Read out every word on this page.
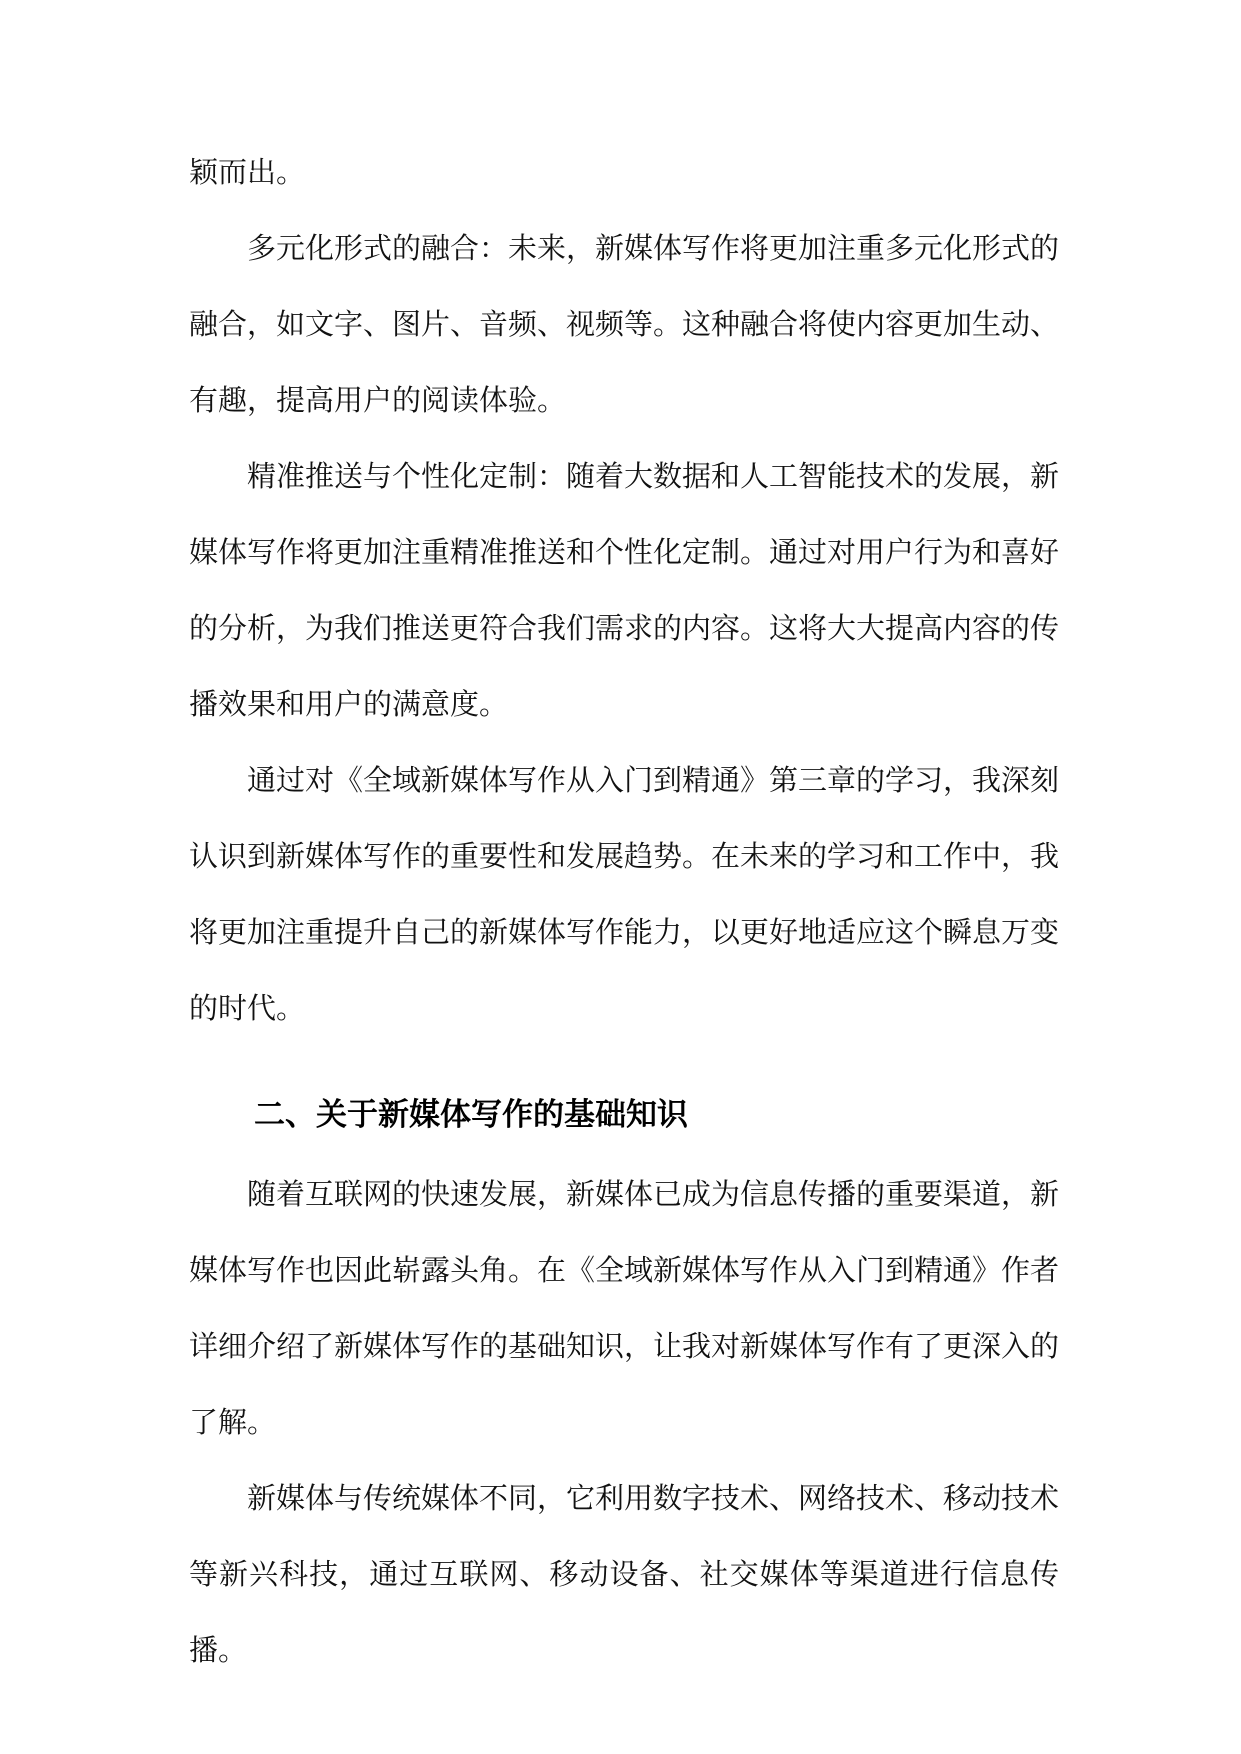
颖而出。

多元化形式的融合：未来，新媒体写作将更加注重多元化形式的融合，如文字、图片、音频、视频等。这种融合将使内容更加生动、有趣，提高用户的阅读体验。

精准推送与个性化定制：随着大数据和人工智能技术的发展，新媒体写作将更加注重精准推送和个性化定制。通过对用户行为和喜好的分析，为我们推送更符合我们需求的内容。这将大大提高内容的传播效果和用户的满意度。

通过对《全域新媒体写作从入门到精通》第三章的学习，我深刻认识到新媒体写作的重要性和发展趋势。在未来的学习和工作中，我将更加注重提升自己的新媒体写作能力，以更好地适应这个瞬息万变的时代。

二、关于新媒体写作的基础知识

随着互联网的快速发展，新媒体已成为信息传播的重要渠道，新媒体写作也因此崭露头角。在《全域新媒体写作从入门到精通》作者详细介绍了新媒体写作的基础知识，让我对新媒体写作有了更深入的了解。

新媒体与传统媒体不同，它利用数字技术、网络技术、移动技术等新兴科技，通过互联网、移动设备、社交媒体等渠道进行信息传播。
